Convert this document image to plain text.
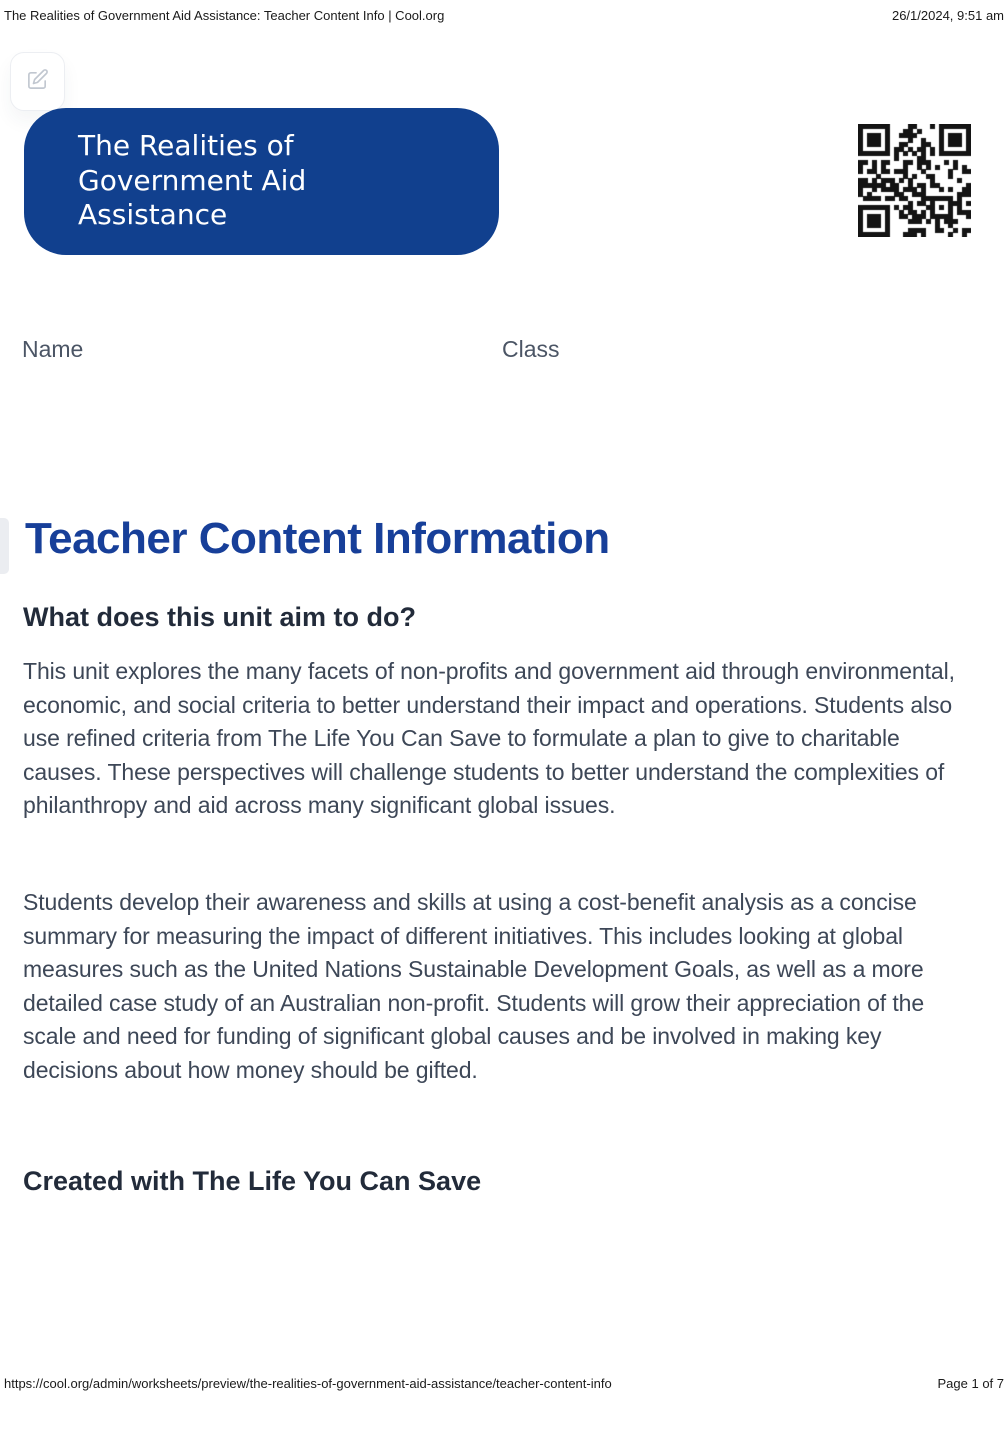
The Realities of Government Aid Assistance: Teacher Content Info | Cool.org	26/1/2024, 9:51 am
The Realities of Government Aid Assistance
Name	Class
Teacher Content Information
What does this unit aim to do?

This unit explores the many facets of non-profits and government aid through environmental, economic, and social criteria to better understand their impact and operations. Students also use refined criteria from The Life You Can Save to formulate a plan to give to charitable causes. These perspectives will challenge students to better understand the complexities of philanthropy and aid across many significant global issues.

Students develop their awareness and skills at using a cost-benefit analysis as a concise summary for measuring the impact of different initiatives. This includes looking at global measures such as the United Nations Sustainable Development Goals, as well as a more detailed case study of an Australian non-profit. Students will grow their appreciation of the scale and need for funding of significant global causes and be involved in making key decisions about how money should be gifted.

Created with The Life You Can Save
https://cool.org/admin/worksheets/preview/the-realities-of-government-aid-assistance/teacher-content-info	Page 1 of 7
